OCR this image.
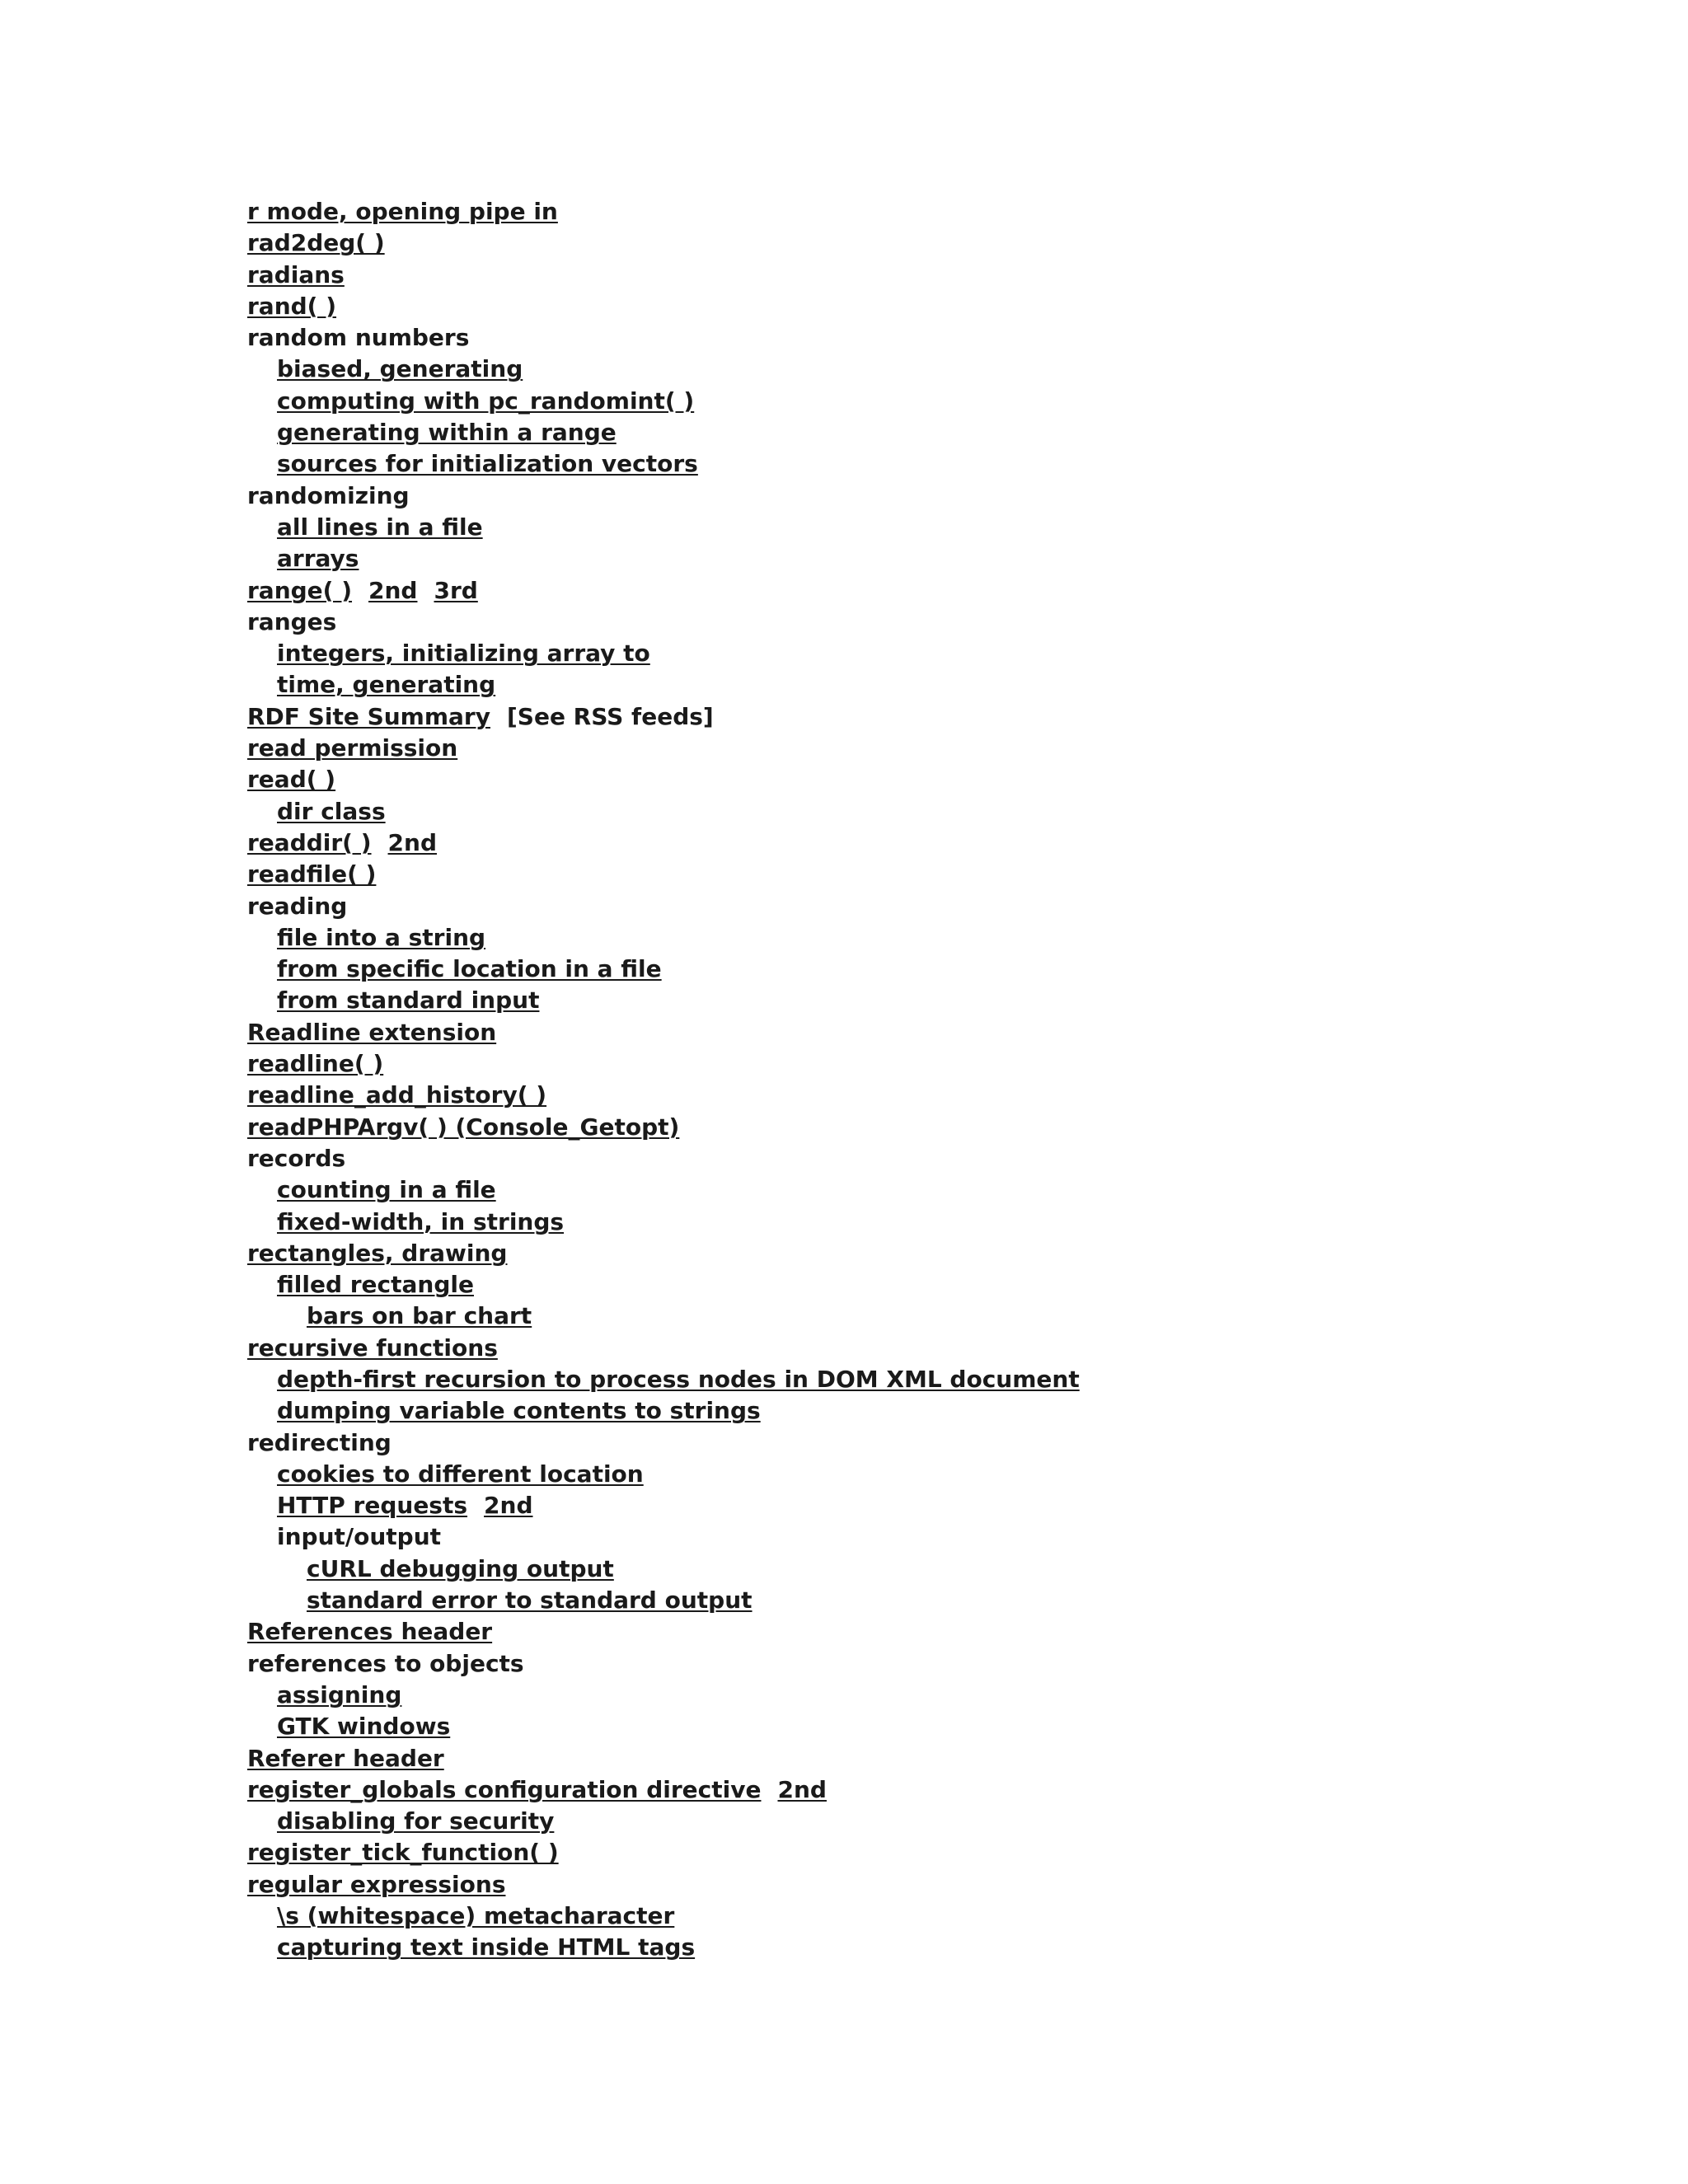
r mode, opening pipe in
rad2deg( )
radians
rand( )
random numbers
biased, generating
computing with pc_randomint( )
generating within a range
sources for initialization vectors
randomizing
all lines in a file
arrays
range( ) 2nd 3rd
ranges
integers, initializing array to
time, generating
RDF Site Summary [See RSS feeds]
read permission
read( )
dir class
readdir( ) 2nd
readfile( )
reading
file into a string
from specific location in a file
from standard input
Readline extension
readline( )
readline_add_history( )
readPHPArgv( ) (Console_Getopt)
records
counting in a file
fixed-width, in strings
rectangles, drawing
filled rectangle
bars on bar chart
recursive functions
depth-first recursion to process nodes in DOM XML document
dumping variable contents to strings
redirecting
cookies to different location
HTTP requests 2nd
input/output
cURL debugging output
standard error to standard output
References header
references to objects
assigning
GTK windows
Referer header
register_globals configuration directive 2nd
disabling for security
register_tick_function( )
regular expressions
\s (whitespace) metacharacter
capturing text inside HTML tags
